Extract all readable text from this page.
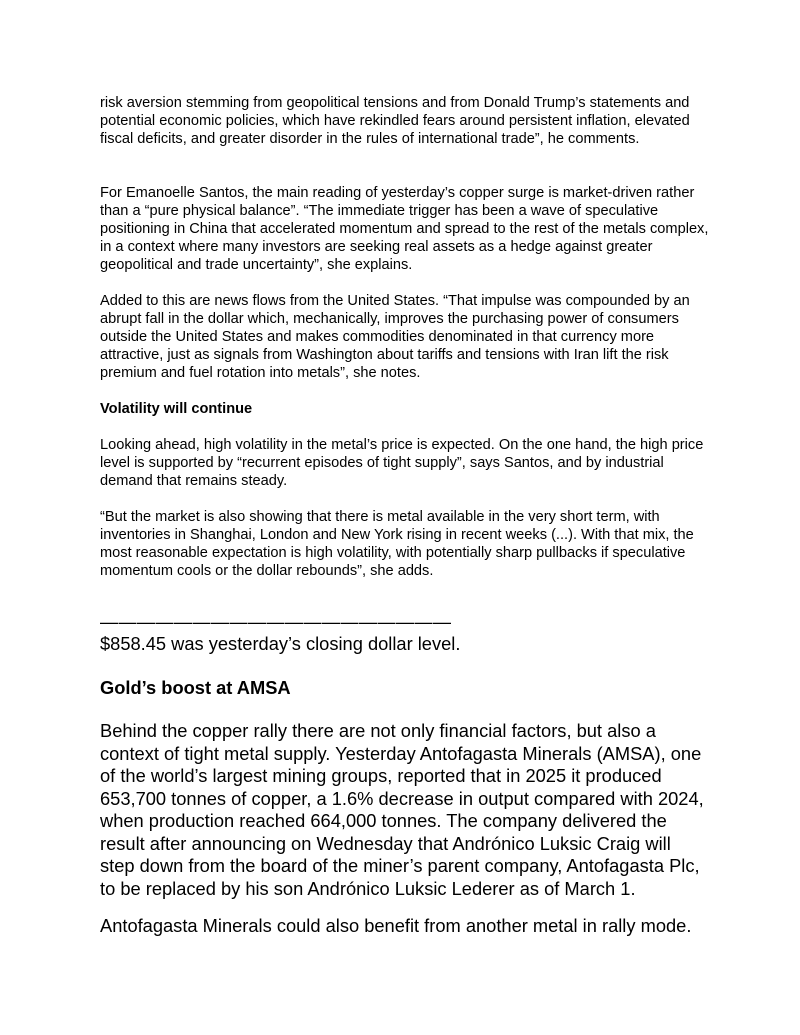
risk aversion stemming from geopolitical tensions and from Donald Trump’s statements and potential economic policies, which have rekindled fears around persistent inflation, elevated fiscal deficits, and greater disorder in the rules of international trade”, he comments.

For Emanoelle Santos, the main reading of yesterday’s copper surge is market-driven rather than a “pure physical balance”. “The immediate trigger has been a wave of speculative positioning in China that accelerated momentum and spread to the rest of the metals complex, in a context where many investors are seeking real assets as a hedge against greater geopolitical and trade uncertainty”, she explains.

Added to this are news flows from the United States. “That impulse was compounded by an abrupt fall in the dollar which, mechanically, improves the purchasing power of consumers outside the United States and makes commodities denominated in that currency more attractive, just as signals from Washington about tariffs and tensions with Iran lift the risk premium and fuel rotation into metals”, she notes.

Volatility will continue

Looking ahead, high volatility in the metal’s price is expected. On the one hand, the high price level is supported by “recurrent episodes of tight supply”, says Santos, and by industrial demand that remains steady.

“But the market is also showing that there is metal available in the very short term, with inventories in Shanghai, London and New York rising in recent weeks (...). With that mix, the most reasonable expectation is high volatility, with potentially sharp pullbacks if speculative momentum cools or the dollar rebounds”, she adds.

———————————————————

$858.45 was yesterday’s closing dollar level.

Gold’s boost at AMSA

Behind the copper rally there are not only financial factors, but also a context of tight metal supply. Yesterday Antofagasta Minerals (AMSA), one of the world’s largest mining groups, reported that in 2025 it produced 653,700 tonnes of copper, a 1.6% decrease in output compared with 2024, when production reached 664,000 tonnes. The company delivered the result after announcing on Wednesday that Andrónico Luksic Craig will step down from the board of the miner’s parent company, Antofagasta Plc, to be replaced by his son Andrónico Luksic Lederer as of March 1.

Antofagasta Minerals could also benefit from another metal in rally mode.
